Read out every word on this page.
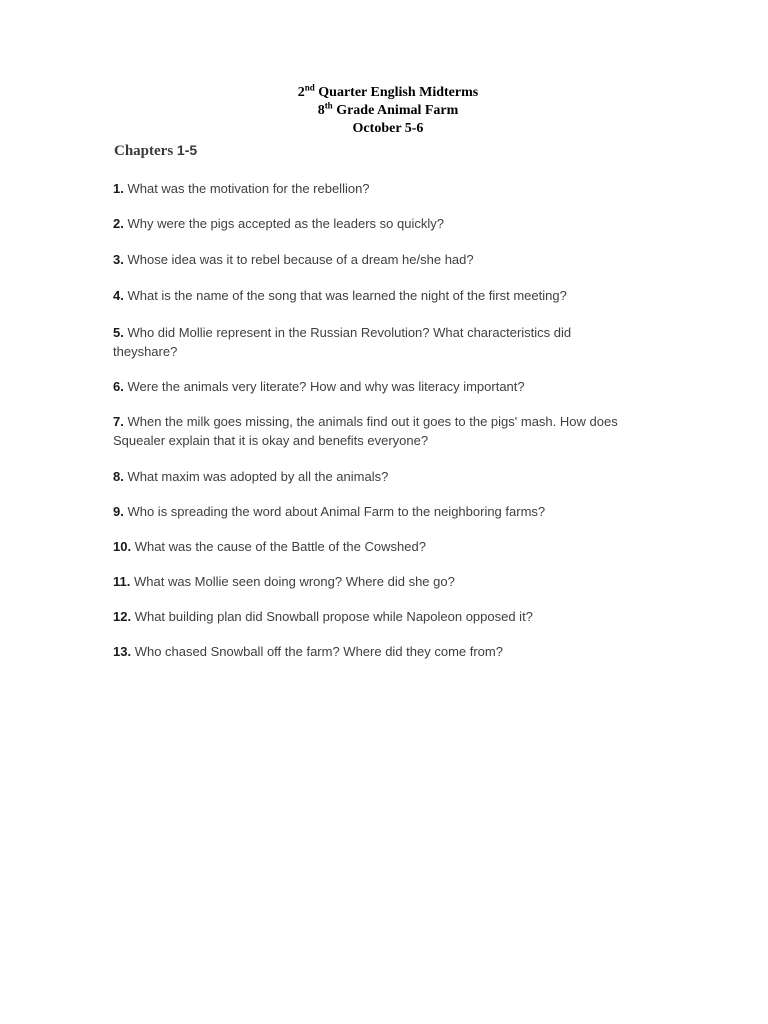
2nd Quarter English Midterms
8th Grade Animal Farm
October 5-6
Chapters 1-5
1. What was the motivation for the rebellion?
2. Why were the pigs accepted as the leaders so quickly?
3. Whose idea was it to rebel because of a dream he/she had?
4. What is the name of the song that was learned the night of the first meeting?
5. Who did Mollie represent in the Russian Revolution? What characteristics did theyshare?
6. Were the animals very literate? How and why was literacy important?
7. When the milk goes missing, the animals find out it goes to the pigs' mash. How does Squealer explain that it is okay and benefits everyone?
8. What maxim was adopted by all the animals?
9. Who is spreading the word about Animal Farm to the neighboring farms?
10. What was the cause of the Battle of the Cowshed?
11. What was Mollie seen doing wrong? Where did she go?
12. What building plan did Snowball propose while Napoleon opposed it?
13. Who chased Snowball off the farm? Where did they come from?
